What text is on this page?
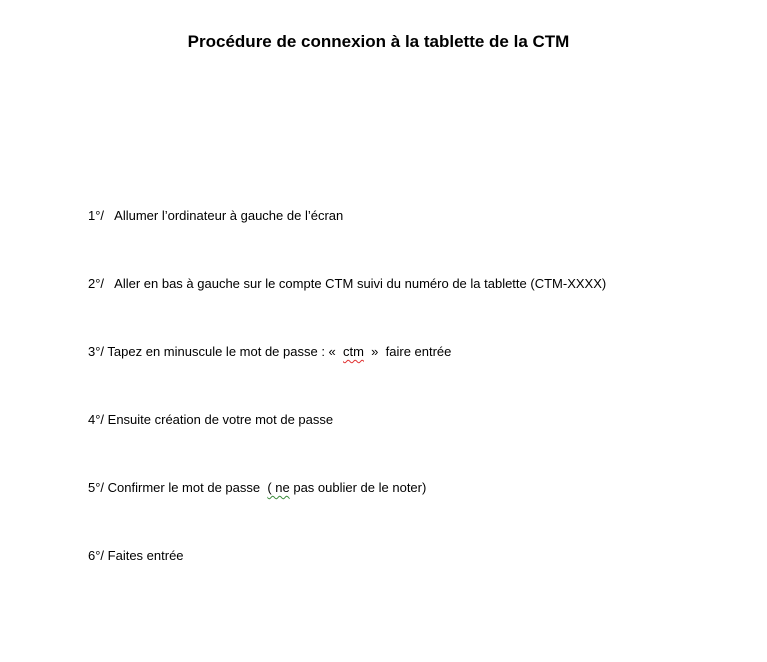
Procédure de connexion à la tablette de la CTM
1°/   Allumer l’ordinateur à gauche de l’écran
2°/   Aller en bas à gauche sur le compte CTM suivi du numéro de la tablette (CTM-XXXX)
3°/ Tapez en minuscule le mot de passe : «  ctm  »  faire entrée
4°/ Ensuite création de votre mot de passe
5°/ Confirmer le mot de passe  ( ne pas oublier de le noter)
6°/ Faites entrée
